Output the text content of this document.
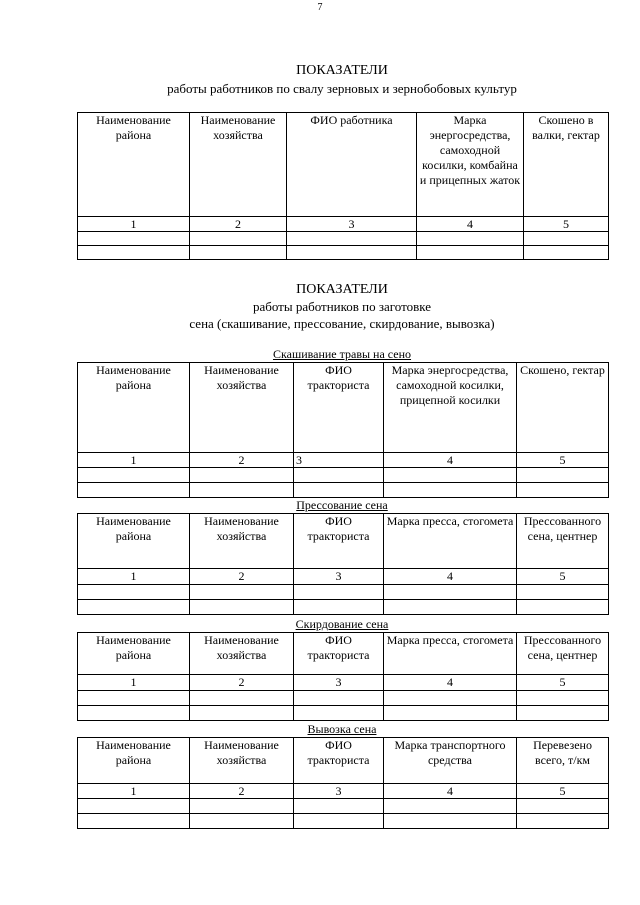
7
ПОКАЗАТЕЛИ
работы работников по свалу зерновых и зернобобовых культур
Наименование района	Наименование хозяйства	ФИО работника	Марка энергосредства, самоходной косилки, комбайна и прицепных жаток	Скошено в валки, гектар
1	2	3	4	5

ПОКАЗАТЕЛИ
работы работников по заготовке
сена (скашивание, прессование, скирдование, вывозка)
Скашивание травы на сено
Наименование района	Наименование хозяйства	ФИО тракториста	Марка энергосредства, самоходной косилки, прицепной косилки	Скошено, гектар
1	2	3	4	5

Прессование сена
Наименование района	Наименование хозяйства	ФИО тракториста	Марка пресса, стогомета	Прессованного сена, центнер
1	2	3	4	5

Скирдование сена
Наименование района	Наименование хозяйства	ФИО тракториста	Марка пресса, стогомета	Прессованного сена, центнер
1	2	3	4	5

Вывозка сена
Наименование района	Наименование хозяйства	ФИО тракториста	Марка транспортного средства	Перевезено всего, т/км
1	2	3	4	5
